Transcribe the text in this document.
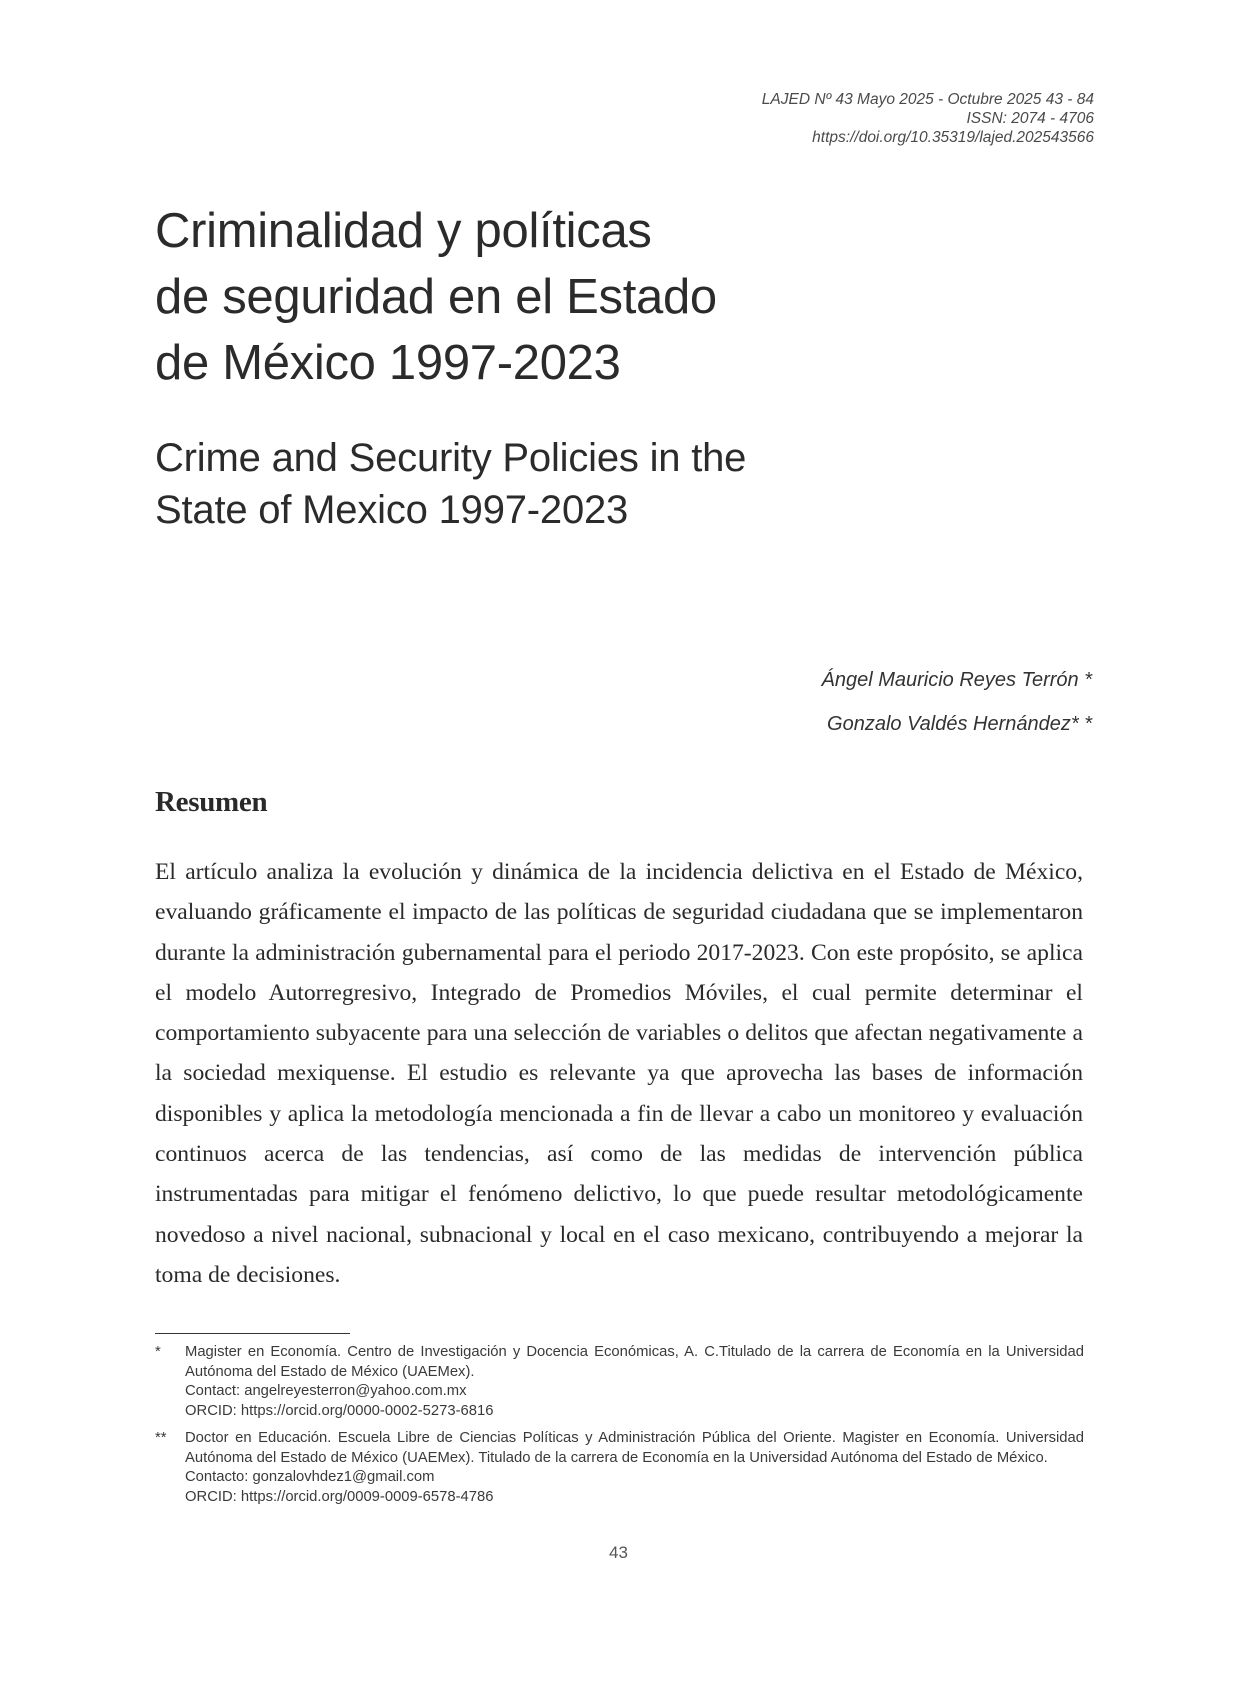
LAJED Nº 43 Mayo 2025 - Octubre 2025 43 - 84
ISSN: 2074 - 4706
https://doi.org/10.35319/lajed.202543566
Criminalidad y políticas
de seguridad en el Estado
de México 1997-2023
Crime and Security Policies in the
State of Mexico 1997-2023
Ángel Mauricio Reyes Terrón *
Gonzalo Valdés Hernández* *
Resumen

El artículo analiza la evolución y dinámica de la incidencia delictiva en el Estado de México, evaluando gráficamente el impacto de las políticas de seguridad ciudadana que se implementaron durante la administración gubernamental para el periodo 2017-2023. Con este propósito, se aplica el modelo Autorregresivo, Integrado de Promedios Móviles, el cual permite determinar el comportamiento subyacente para una selección de variables o delitos que afectan negativamente a la sociedad mexiquense. El estudio es relevante ya que aprovecha las bases de información disponibles y aplica la metodología mencionada a fin de llevar a cabo un monitoreo y evaluación continuos acerca de las tendencias, así como de las medidas de intervención pública instrumentadas para mitigar el fenómeno delictivo, lo que puede resultar metodológicamente novedoso a nivel nacional, subnacional y local en el caso mexicano, contribuyendo a mejorar la toma de decisiones.

* Magister en Economía. Centro de Investigación y Docencia Económicas, A. C.Titulado de la carrera de Economía en la Universidad Autónoma del Estado de México (UAEMex).
Contact: angelreyesterron@yahoo.com.mx
ORCID: https://orcid.org/0000-0002-5273-6816
** Doctor en Educación. Escuela Libre de Ciencias Políticas y Administración Pública del Oriente. Magister en Economía. Universidad Autónoma del Estado de México (UAEMex). Titulado de la carrera de Economía en la Universidad Autónoma del Estado de México.
Contacto: gonzalovhdez1@gmail.com
ORCID: https://orcid.org/0009-0009-6578-4786
43
